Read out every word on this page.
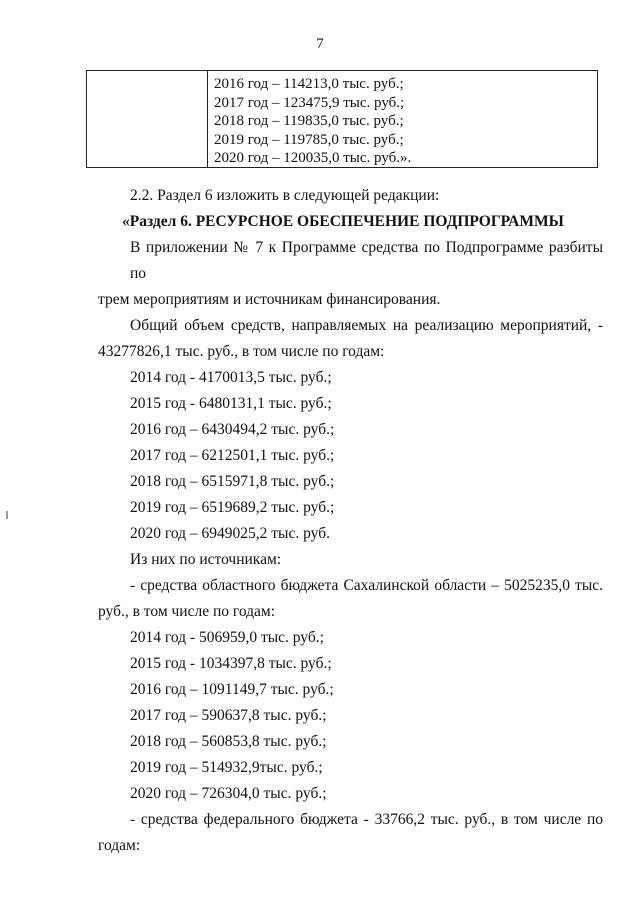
7
2016 год – 114213,0 тыс. руб.;
2017 год – 123475,9 тыс. руб.;
2018 год – 119835,0 тыс. руб.;
2019 год – 119785,0 тыс. руб.;
2020 год – 120035,0 тыс. руб.».

2.2. Раздел 6 изложить в следующей редакции:

«Раздел 6. РЕСУРСНОЕ ОБЕСПЕЧЕНИЕ ПОДПРОГРАММЫ

В приложении № 7 к Программе средства по Подпрограмме разбиты по

трем мероприятиям и источникам финансирования.

Общий объем средств, направляемых на реализацию мероприятий, -

43277826,1 тыс. руб., в том числе по годам:

2014 год - 4170013,5 тыс. руб.;

2015 год - 6480131,1 тыс. руб.;

2016 год – 6430494,2 тыс. руб.;

2017 год – 6212501,1 тыс. руб.;

2018 год – 6515971,8 тыс. руб.;

2019 год – 6519689,2 тыс. руб.;

2020 год – 6949025,2 тыс. руб.

Из них по источникам:

- средства областного бюджета Сахалинской области – 5025235,0 тыс.

руб., в том числе по годам:

2014 год - 506959,0 тыс. руб.;

2015 год - 1034397,8 тыс. руб.;

2016 год – 1091149,7 тыс. руб.;

2017 год – 590637,8 тыс. руб.;

2018 год – 560853,8 тыс. руб.;

2019 год – 514932,9тыс. руб.;

2020 год – 726304,0 тыс. руб.;

- средства федерального бюджета - 33766,2 тыс. руб., в том числе по

годам:
